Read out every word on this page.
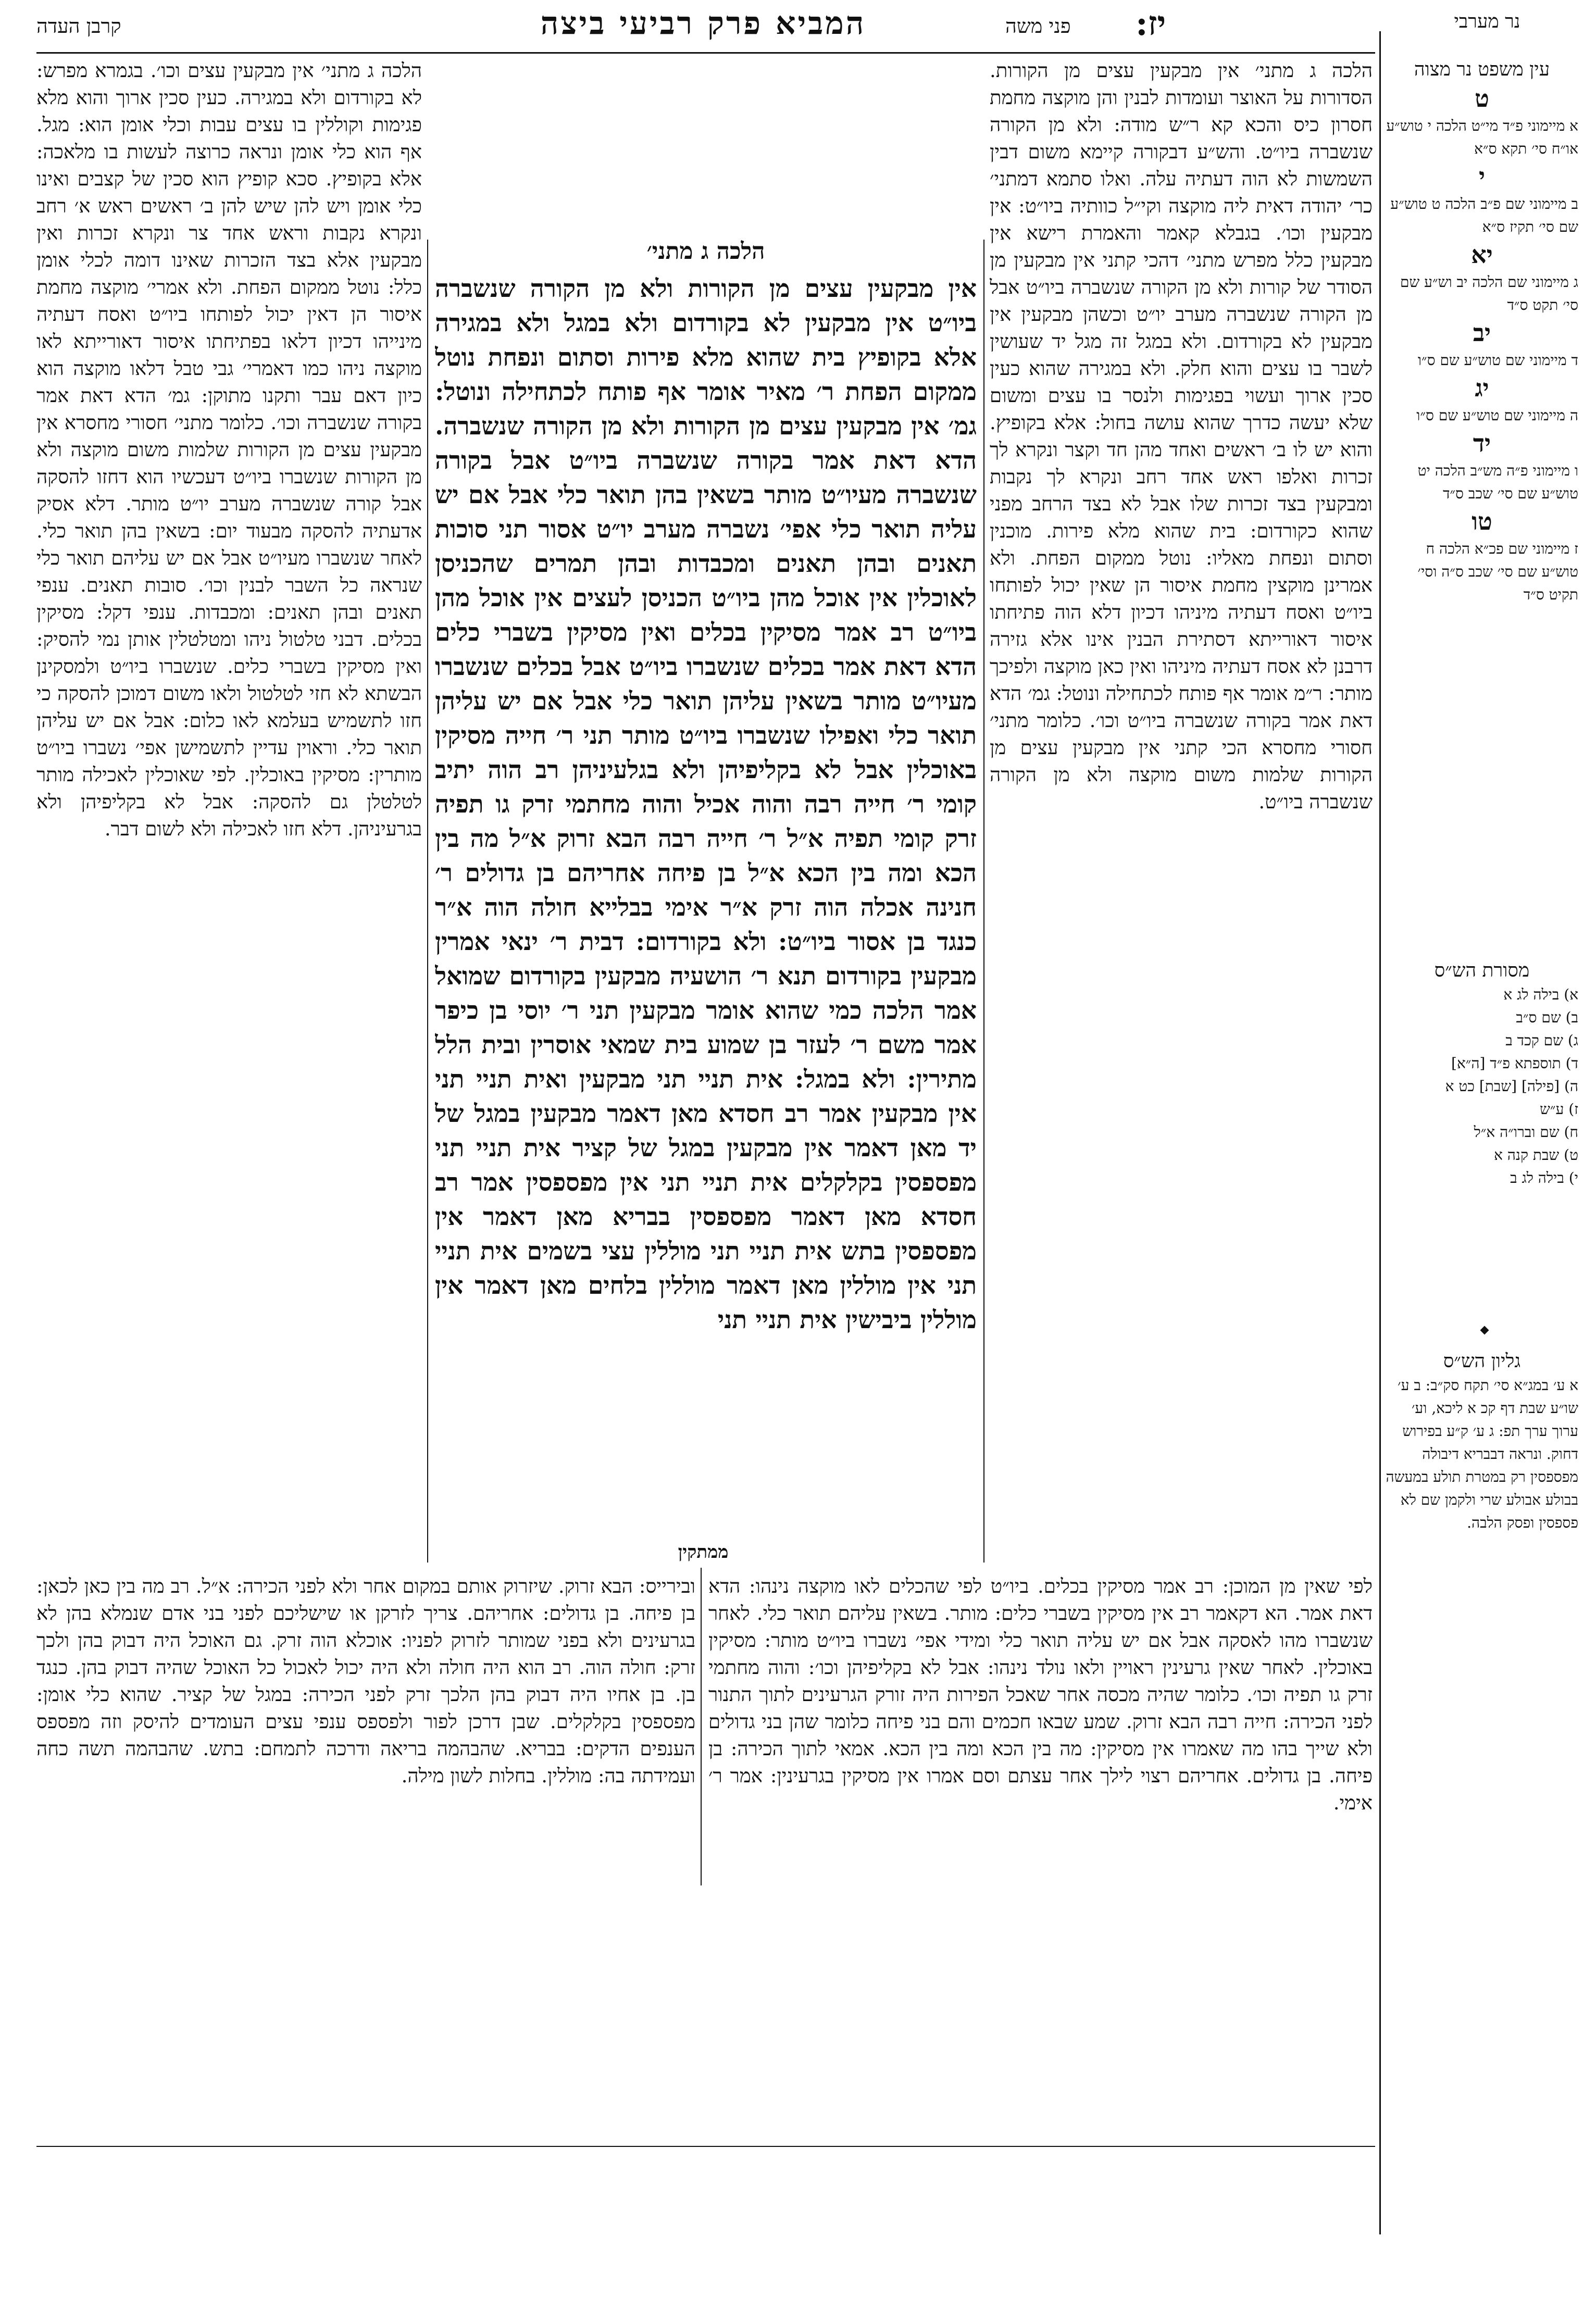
קרבן העדה	המביא פרק רביעי ביצה	פני משה יז:	נר מערבי

הלכה ג מתני׳ אין מבקעין עצים מן הקורות. הסדורות על האוצר ועומדות לבנין והן מוקצה מחמת חסרון כיס והכא קא ר״ש מודה: ולא מן הקורה שנשברה ביו״ט. והש״ע דבקורה קיימא משום דבין השמשות לא הוה דעתיה עלה. ואלו סתמא דמתני׳ כר׳ יהודה דאית ליה מוקצה וקי״ל כוותיה ביו״ט: אין מבקעין וכו׳. בגבלא קאמר והאמרת רישא אין מבקעין כלל מפרש מתני׳ דהכי קתני אין מבקעין מן הסודר של קורות ולא מן הקורה שנשברה ביו״ט אבל מן הקורה שנשברה מערב יו״ט וכשהן מבקעין אין מבקעין לא בקורדום. ולא במגל זה מגל יד שעושין לשבר בו עצים והוא חלק. ולא במגירה שהוא כעין סכין ארוך ועשוי בפגימות ולנסר בו עצים ומשום שלא יעשה כדרך שהוא עושה בחול: אלא בקופיץ. והוא יש לו ב׳ ראשים ואחד מהן חד וקצר ונקרא לך זכרות ואלפו ראש אחד רחב ונקרא לך נקבות ומבקעין בצד זכרות שלו אבל לא בצד הרחב מפני שהוא כקורדום: בית שהוא מלא פירות. מוכנין וסתום ונפחת מאליו: נוטל ממקום הפחת. ולא אמרינן מוקצין מחמת איסור הן שאין יכול לפותחו ביו״ט ואסח דעתיה מיניהו דכיון דלא הוה פתיחתו איסור דאורייתא דסתירת הבנין אינו אלא גזירה דרבנן לא אסח דעתיה מיניהו ואין כאן מוקצה ולפיכך מותר: ר״מ אומר אף פותח לכתחילה ונוטל: גמ׳ הדא דאת אמר בקורה שנשברה ביו״ט וכו׳. כלומר מתני׳ חסורי מחסרא הכי קתני אין מבקעין עצים מן הקורות שלמות משום מוקצה ולא מן הקורה שנשברה ביו״ט.

הלכה ג מתני׳ אין מבקעין עצים וכו׳. בגמרא מפרש: לא בקורדום ולא במגירה. כעין סכין ארוך והוא מלא פגימות וקוללין בו עצים עבות וכלי אומן הוא: מגל. אף הוא כלי אומן ונראה כרוצה לעשות בו מלאכה: אלא בקופיץ. סכא קופיץ הוא סכין של קצבים ואינו כלי אומן ויש להן שיש להן ב׳ ראשים ראש א׳ רחב ונקרא נקבות וראש אחד צר ונקרא זכרות ואין מבקעין אלא בצד הזכרות שאינו דומה לכלי אומן כלל: נוטל ממקום הפחת. ולא אמרי׳ מוקצה מחמת איסור הן דאין יכול לפותחו ביו״ט ואסח דעתיה מינייהו דכיון דלאו בפתיחתו איסור דאורייתא לאו מוקצה ניהו כמו דאמרי׳ גבי טבל דלאו מוקצה הוא כיון דאם עבר ותקנו מתוקן: גמ׳ הדא דאת אמר בקורה שנשברה וכו׳. כלומר מתני׳ חסורי מחסרא אין מבקעין עצים מן הקורות שלמות משום מוקצה ולא מן הקורות שנשברו ביו״ט דעכשיו הוא דחזו להסקה אבל קורה שנשברה מערב יו״ט מותר. דלא אסיק אדעתיה להסקה מבעוד יום: בשאין בהן תואר כלי. לאחר שנשברו מעיו״ט אבל אם יש עליהם תואר כלי שנראה כל השבר לבנין וכו׳. סובות תאנים. ענפי תאנים ובהן תאנים: ומכבדות. ענפי דקל: מסיקין בכלים. דבני טלטול ניהו ומטלטלין אותן נמי להסיק: ואין מסיקין בשברי כלים. שנשברו ביו״ט ולמסקינן הבשתא לא חזי לטלטול ולאו משום דמוכן להסקה כי חזו לתשמיש בעלמא לאו כלום: אבל אם יש עליהן תואר כלי. וראוין עדיין לתשמישן אפי׳ נשברו ביו״ט מותרין: מסיקין באוכלין. לפי שאוכלין לאכילה מותר לטלטלן גם להסקה: אבל לא בקליפיהן ולא בגרעיניהן. דלא חזו לאכילה ולא לשום דבר.

הלכה ג מתני׳

אין מבקעין עצים מן הקורות ולא מן הקורה שנשברה ביו״ט אין מבקעין לא בקורדום ולא במגל ולא במגירה אלא בקופיץ בית שהוא מלא פירות וסתום ונפחת נוטל ממקום הפחת ר׳ מאיר אומר אף פותח לכתחילה ונוטל: גמ׳ אין מבקעין עצים מן הקורות ולא מן הקורה שנשברה. הדא דאת אמר בקורה שנשברה ביו״ט אבל בקורה שנשברה מעיו״ט מותר בשאין בהן תואר כלי אבל אם יש עליה תואר כלי אפי׳ נשברה מערב יו״ט אסור תני סוכות תאנים ובהן תאנים ומכבדות ובהן תמרים שהכניסן לאוכלין אין אוכל מהן ביו״ט הכניסן לעצים אין אוכל מהן ביו״ט רב אמר מסיקין בכלים ואין מסיקין בשברי כלים הדא דאת אמר בכלים שנשברו ביו״ט אבל בכלים שנשברו מעיו״ט מותר בשאין עליהן תואר כלי אבל אם יש עליהן תואר כלי ואפילו שנשברו ביו״ט מותר תני ר׳ חייה מסיקין באוכלין אבל לא בקליפיהן ולא בגלעיניהן רב הוה יתיב קומי ר׳ חייה רבה והוה אכיל והוה מחתמי זרק גו תפיה זרק קומי תפיה א״ל ר׳ חייה רבה הבא זרוק א״ל מה בין הכא ומה בין הכא א״ל בן פיחה אחריהם בן גדולים ר׳ חנינה אכלה הוה זרק א״ר אימי בבלייא חולה הוה א״ר כנגד בן אסור ביו״ט: ולא בקורדום: דבית ר׳ ינאי אמרין מבקעין בקורדום תנא ר׳ הושעיה מבקעין בקורדום שמואל אמר הלכה כמי שהוא אומר מבקעין תני ר׳ יוסי בן כיפר אמר משם ר׳ לעזר בן שמוע בית שמאי אוסרין ובית הלל מתירין: ולא במגל: אית תניי תני מבקעין ואית תניי תני אין מבקעין אמר רב חסדא מאן דאמר מבקעין במגל של יד מאן דאמר אין מבקעין במגל של קציר אית תניי תני מפספסין בקלקלים אית תניי תני אין מפספסין אמר רב חסדא מאן דאמר מפספסין בבריא מאן דאמר אין מפספסין בתש אית תניי תני מוללין עצי בשמים אית תניי תני אין מוללין מאן דאמר מוללין בלחים מאן דאמר אין מוללין ביבישין אית תניי תני

ממתקין

לפי שאין מן המוכן: רב אמר מסיקין בכלים. ביו״ט לפי שהכלים לאו מוקצה נינהו: הדא דאת אמר. הא דקאמר רב אין מסיקין בשברי כלים: מותר. בשאין עליהם תואר כלי. לאחר שנשברו מהו לאסקה אבל אם יש עליה תואר כלי ומידי אפי׳ נשברו ביו״ט מותר: מסיקין באוכלין. לאחר שאין גרעינין ראויין ולאו נולד נינהו: אבל לא בקליפיהן וכו׳: והוה מחתמי זרק גו תפיה וכו׳. כלומר שהיה מכסה אחר שאכל הפירות היה זורק הגרעינים לתוך התנור לפני הכירה: חייה רבה הבא זרוק. שמע שבאו חכמים והם בני פיחה כלומר שהן בני גדולים ולא שייך בהו מה שאמרו אין מסיקין: מה בין הכא ומה בין הכא. אמאי לתוך הכירה: בן פיחה. בן גדולים. אחריהם רצוי לילך אחר עצתם וסם אמרו אין מסיקין בגרעינין: אמר ר׳ אימי.

ובירייס: הבא זרוק. שיזרוק אותם במקום אחר ולא לפני הכירה: א״ל. רב מה בין כאן לכאן: בן פיחה. בן גדולים: אחריהם. צריך לזרקן או שישליכם לפני בני אדם שנמלא בהן לא בגרעינים ולא בפני שמותר לזרוק לפניו: אוכלא הוה זרק. גם האוכל היה דבוק בהן ולכך זרק: חולה הוה. רב הוא היה חולה ולא היה יכול לאכול כל האוכל שהיה דבוק בהן. כנגד בן. בן אחיו היה דבוק בהן הלכך זרק לפני הכירה: במגל של קציר. שהוא כלי אומן: מפספסין בקלקלים. שבן דרכן לפור ולפספס ענפי עצים העומדים להיסק וזה מפספס הענפים הדקים: בבריא. שהבהמה בריאה ודרכה לתמחם: בתש. שהבהמה תשה כחה ועמידתה בה: מוללין. בחלות לשון מילה.

עין משפט נר מצוה
ט
א מיימוני פ״ד מי״ט הלכה י טוש״ע או״ח סי׳ תקא ס״א
י
ב מיימוני שם פ״ב הלכה ט טוש״ע שם סי׳ תקיז ס״א
יא
ג מיימוני שם הלכה יב וש״ע שם סי׳ תקט ס״ד
יב
ד מיימוני שם טוש״ע שם ס״ו
יג
ה מיימוני שם טוש״ע שם ס״ו
יד
ו מיימוני פ״ה מש״ב הלכה יט טוש״ע שם סי׳ שכב ס״ד
טו
ז מיימוני שם פכ״א הלכה ח טוש״ע שם סי׳ שכב ס״ה וסי׳ תקיט ס״ד
מסורת הש״ס
א) בילה לג א
ב) שם ס״ב
ג) שם קכד ב
ד) תוספתא פ״ד [ה״א]
ה) [פילה] [שבת] כט א
ז) ע״ש
ח) שם וברו״ה א״ל
ט) שבת קנה א
י) בילה לג ב
גליון הש״ס
א ע׳ במג״א סי׳ תקח סק״ב: ב ע׳ שו״ע שבת דף קכ א ליכא, וע׳ ערוך ערך תפ: ג ע׳ ק״ע בפירוש דחוק. ונראה דבבריא דיבולה מפספסין רק במטרת תולע במעשה בבולע אבולע שרי ולקמן שם לא פספסין ופסק הלבה.
